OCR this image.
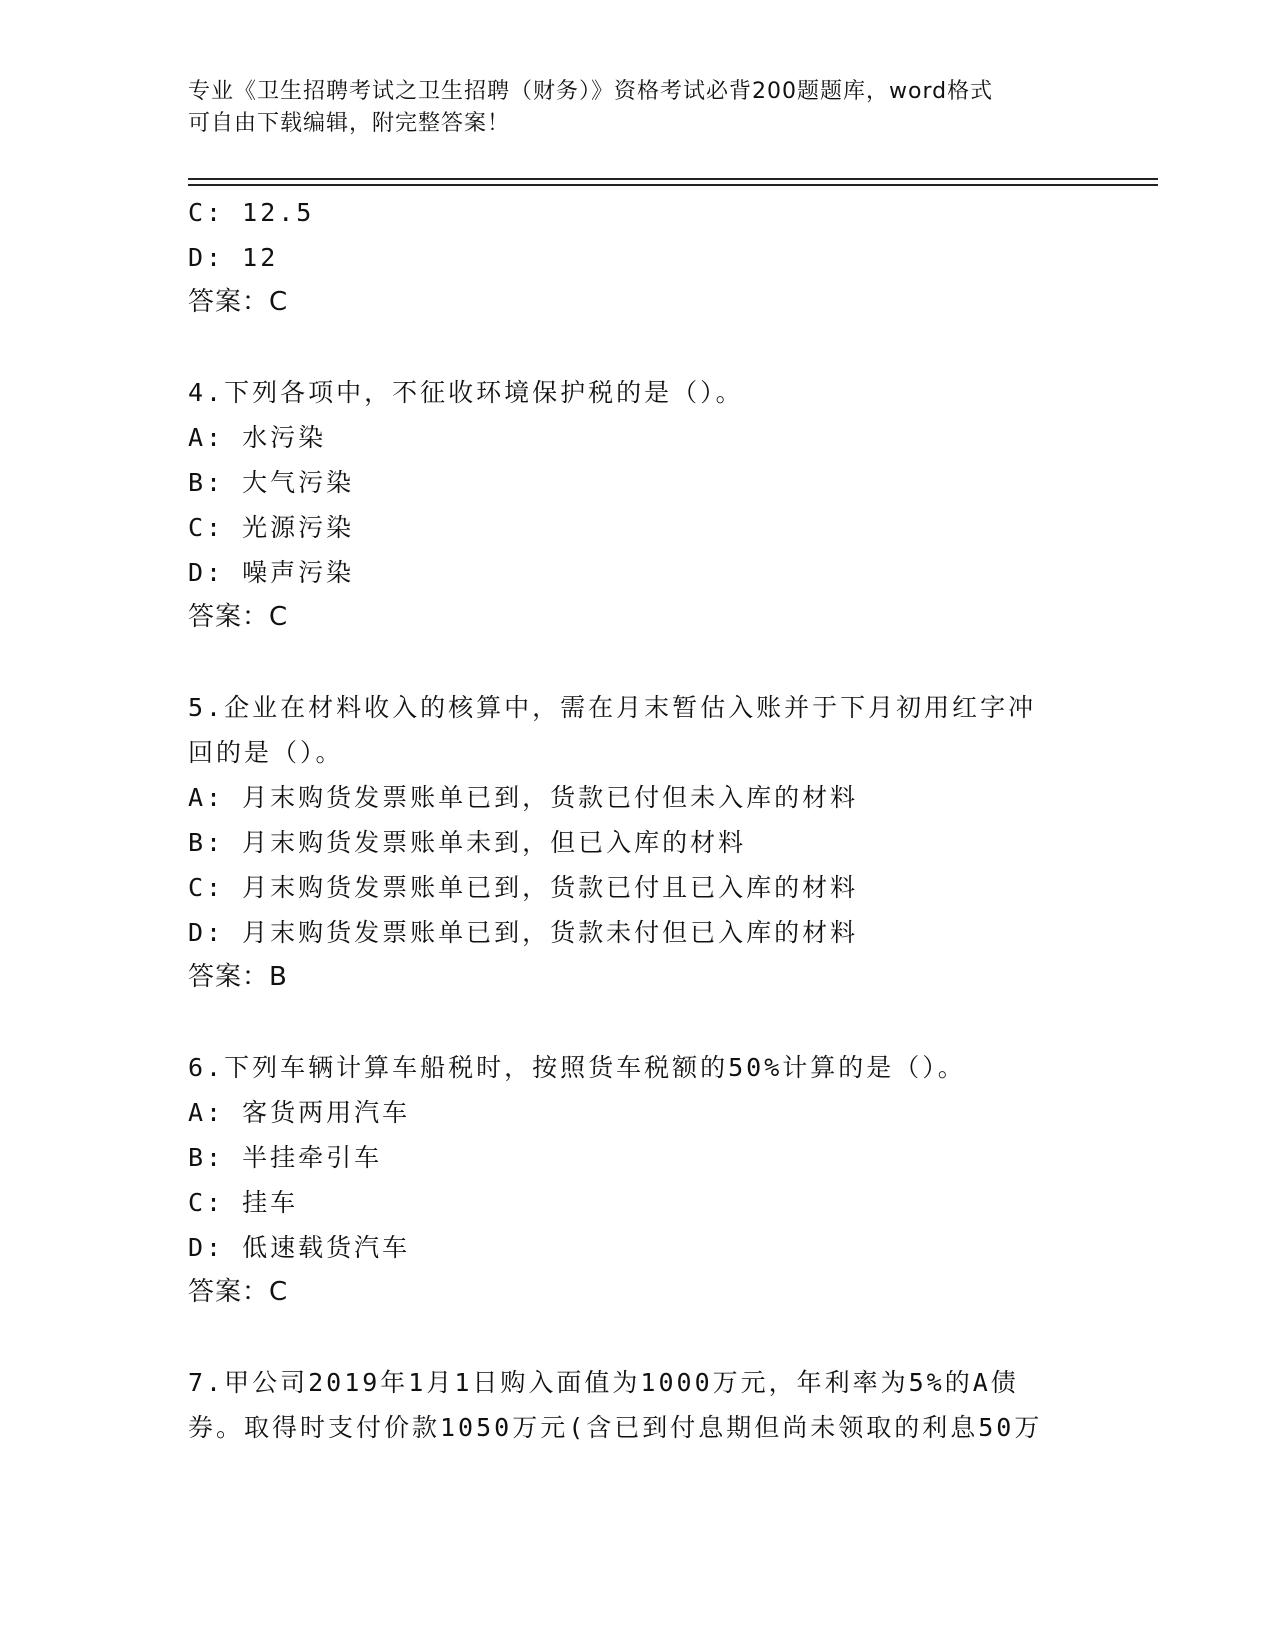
专业《卫生招聘考试之卫生招聘（财务）》资格考试必背200题题库，word格式
可自由下载编辑，附完整答案！
C: 12.5
D: 12
答案：C
4.下列各项中，不征收环境保护税的是（）。
A: 水污染
B: 大气污染
C: 光源污染
D: 噪声污染
答案：C
5.企业在材料收入的核算中，需在月末暂估入账并于下月初用红字冲
回的是（）。
A: 月末购货发票账单已到，货款已付但未入库的材料
B: 月末购货发票账单未到，但已入库的材料
C: 月末购货发票账单已到，货款已付且已入库的材料
D: 月末购货发票账单已到，货款未付但已入库的材料
答案：B
6.下列车辆计算车船税时，按照货车税额的50%计算的是（）。
A: 客货两用汽车
B: 半挂牵引车
C: 挂车
D: 低速载货汽车
答案：C
7.甲公司2019年1月1日购入面值为1000万元，年利率为5%的A债
券。取得时支付价款1050万元(含已到付息期但尚未领取的利息50万
